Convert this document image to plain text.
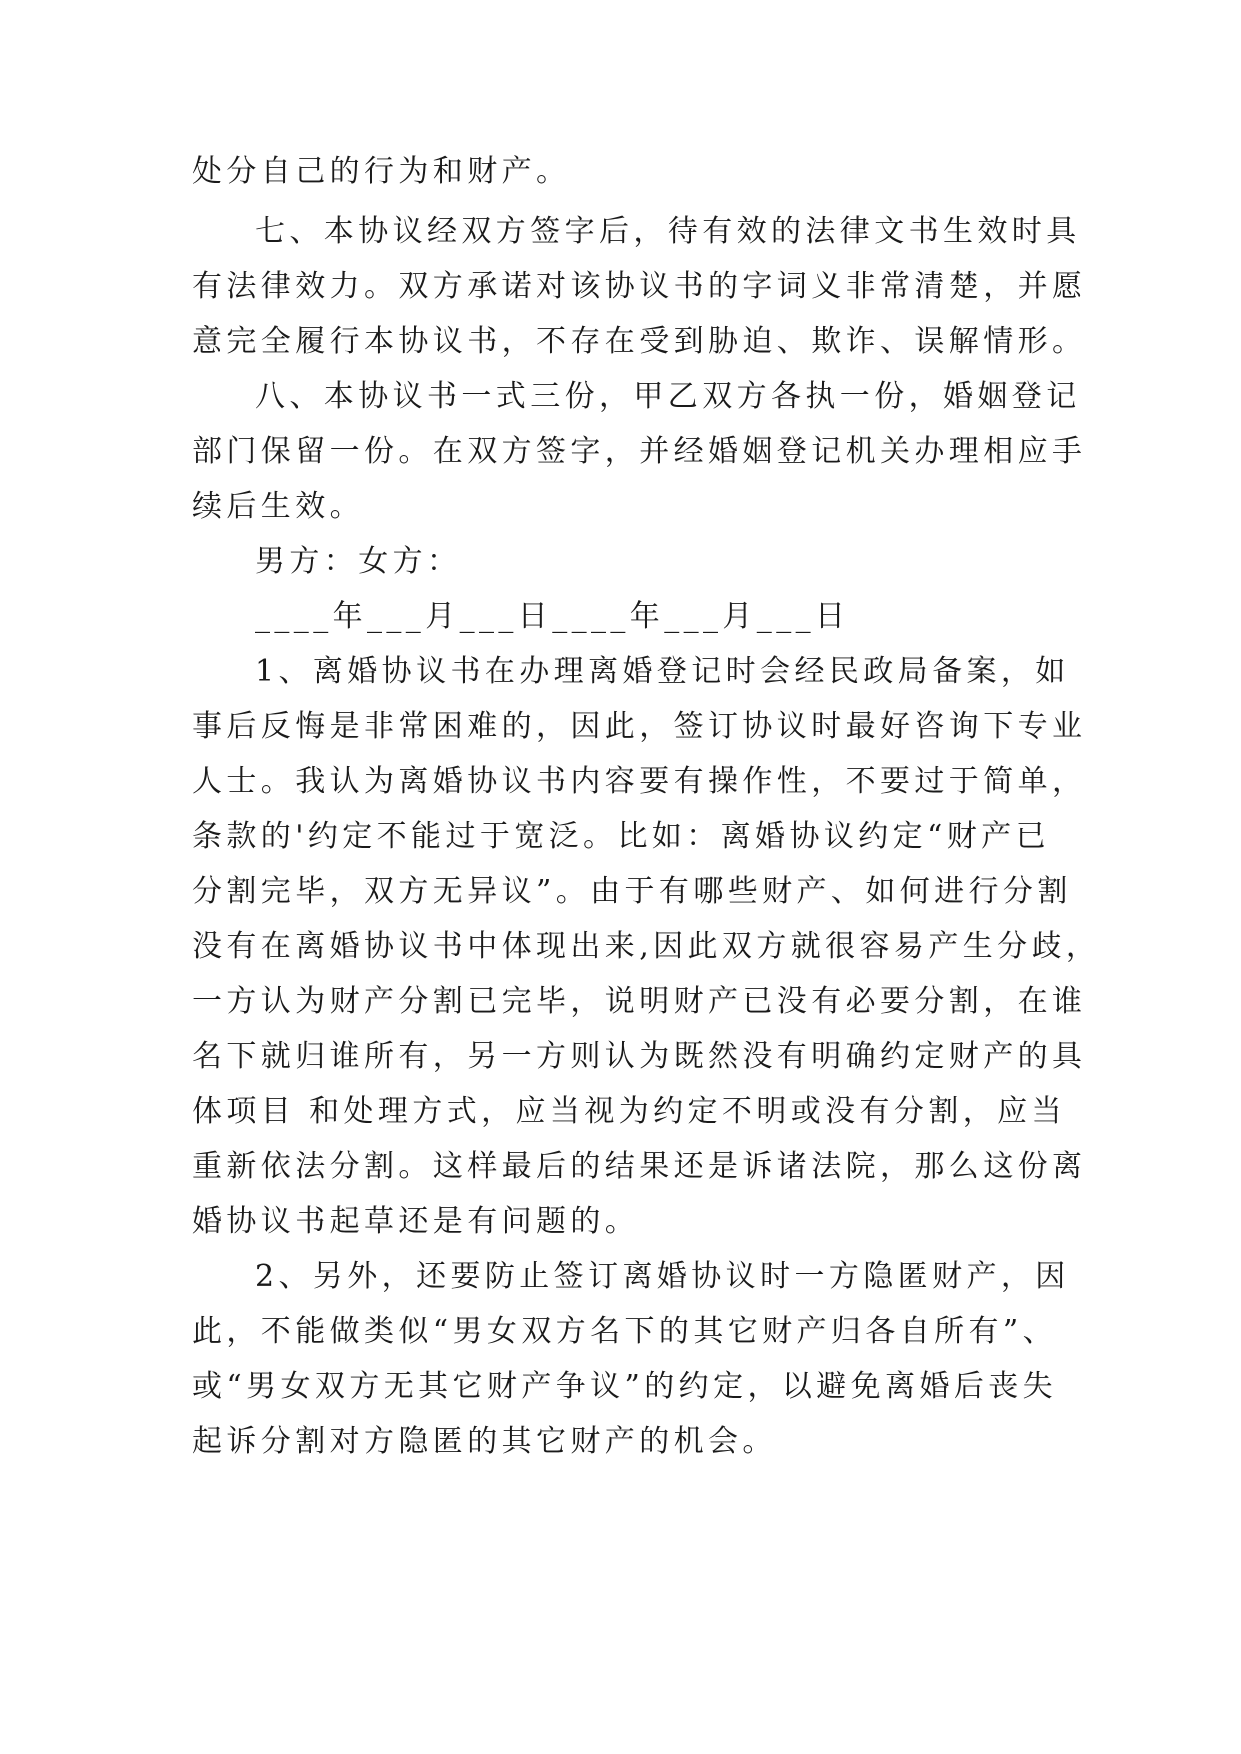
处分自己的行为和财产。
七、本协议经双方签字后，待有效的法律文书生效时具
有法律效力。双方承诺对该协议书的字词义非常清楚，并愿
意完全履行本协议书，不存在受到胁迫、欺诈、误解情形。
八、本协议书一式三份，甲乙双方各执一份，婚姻登记
部门保留一份。在双方签字，并经婚姻登记机关办理相应手
续后生效。
男方：女方：
____年___月___日____年___月___日
1、离婚协议书在办理离婚登记时会经民政局备案，如
事后反悔是非常困难的，因此，签订协议时最好咨询下专业
人士。我认为离婚协议书内容要有操作性，不要过于简单，
条款的'约定不能过于宽泛。比如：离婚协议约定“财产已
分割完毕，双方无异议”。由于有哪些财产、如何进行分割
没有在离婚协议书中体现出来,因此双方就很容易产生分歧，
一方认为财产分割已完毕，说明财产已没有必要分割，在谁
名下就归谁所有，另一方则认为既然没有明确约定财产的具
体项目 和处理方式，应当视为约定不明或没有分割，应当
重新依法分割。这样最后的结果还是诉诸法院，那么这份离
婚协议书起草还是有问题的。
2、另外，还要防止签订离婚协议时一方隐匿财产，因
此，不能做类似“男女双方名下的其它财产归各自所有”、
或“男女双方无其它财产争议”的约定，以避免离婚后丧失
起诉分割对方隐匿的其它财产的机会。
